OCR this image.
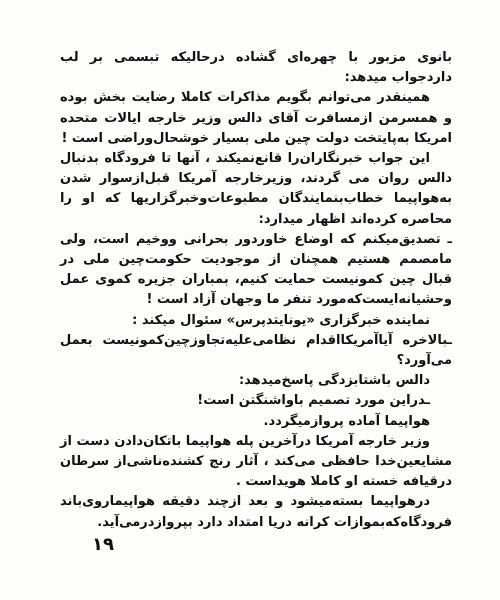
بانوی مزبور با چهره‌ای گشاده درحالیکه تبسمی بر لب داردجواب میدهد:

همینقدر می‌توانم بگویم مذاکرات کاملا رضایت بخش بوده و همسرمن ازمسافرت آقای دالس وزیر خارجه ایالات متحده امریکا به‌پایتخت دولت چین ملی بسیار خوشحال‌وراضی است !

این جواب خبرنگاران‌را قانع‌نمیکند ، آنها تا فرودگاه بدنبال دالس روان می گردند، وزیرخارجه آمریکا قبل‌ازسوار شدن به‌هواپیما خطاب‌بنمایندگان مطبوعات‌وخبرگزاریها که او را محاصره کرده‌اند اظهار میدارد:

ـ تصدیق‌میکنم که اوضاع خاوردور بحرانی ووخیم است، ولی مامصمم هستیم همچنان از موجودیت حکومت‌چین ملی در قبال چین کمونیست حمایت کنیم، بمباران جزیره کموی عمل وحشیانه‌ایست‌که‌مورد تنفر ما وجهان آزاد است !

نماینده خبرگزاری «یونایتدپرس» سئوال میکند :

ـبالاخره آیاآمریکااقدام نظامی‌علیه‌تجاوزچین‌کمونیست بعمل می‌آورد؟

دالس باشتابزدگی پاسخ‌میدهد:

ـدراین مورد تصمیم باواشنگتن است!

هواپیما آماده پروازمیگردد.

وزیر خارجه آمریکا درآخرین پله هواپیما باتکان‌دادن دست از مشایعین‌خدا حافظی می‌کند ، آثار رنج کشنده‌ناشی‌از سرطان درقیافه خسته او کاملا هویداست .

درهواپیما بسته‌میشود و بعد ازچند دقیقه هواپیماروی‌باند فرودگاه‌که‌بموازات کرانه دریا امتداد دارد بپروازدرمی‌آید.

۱۹
